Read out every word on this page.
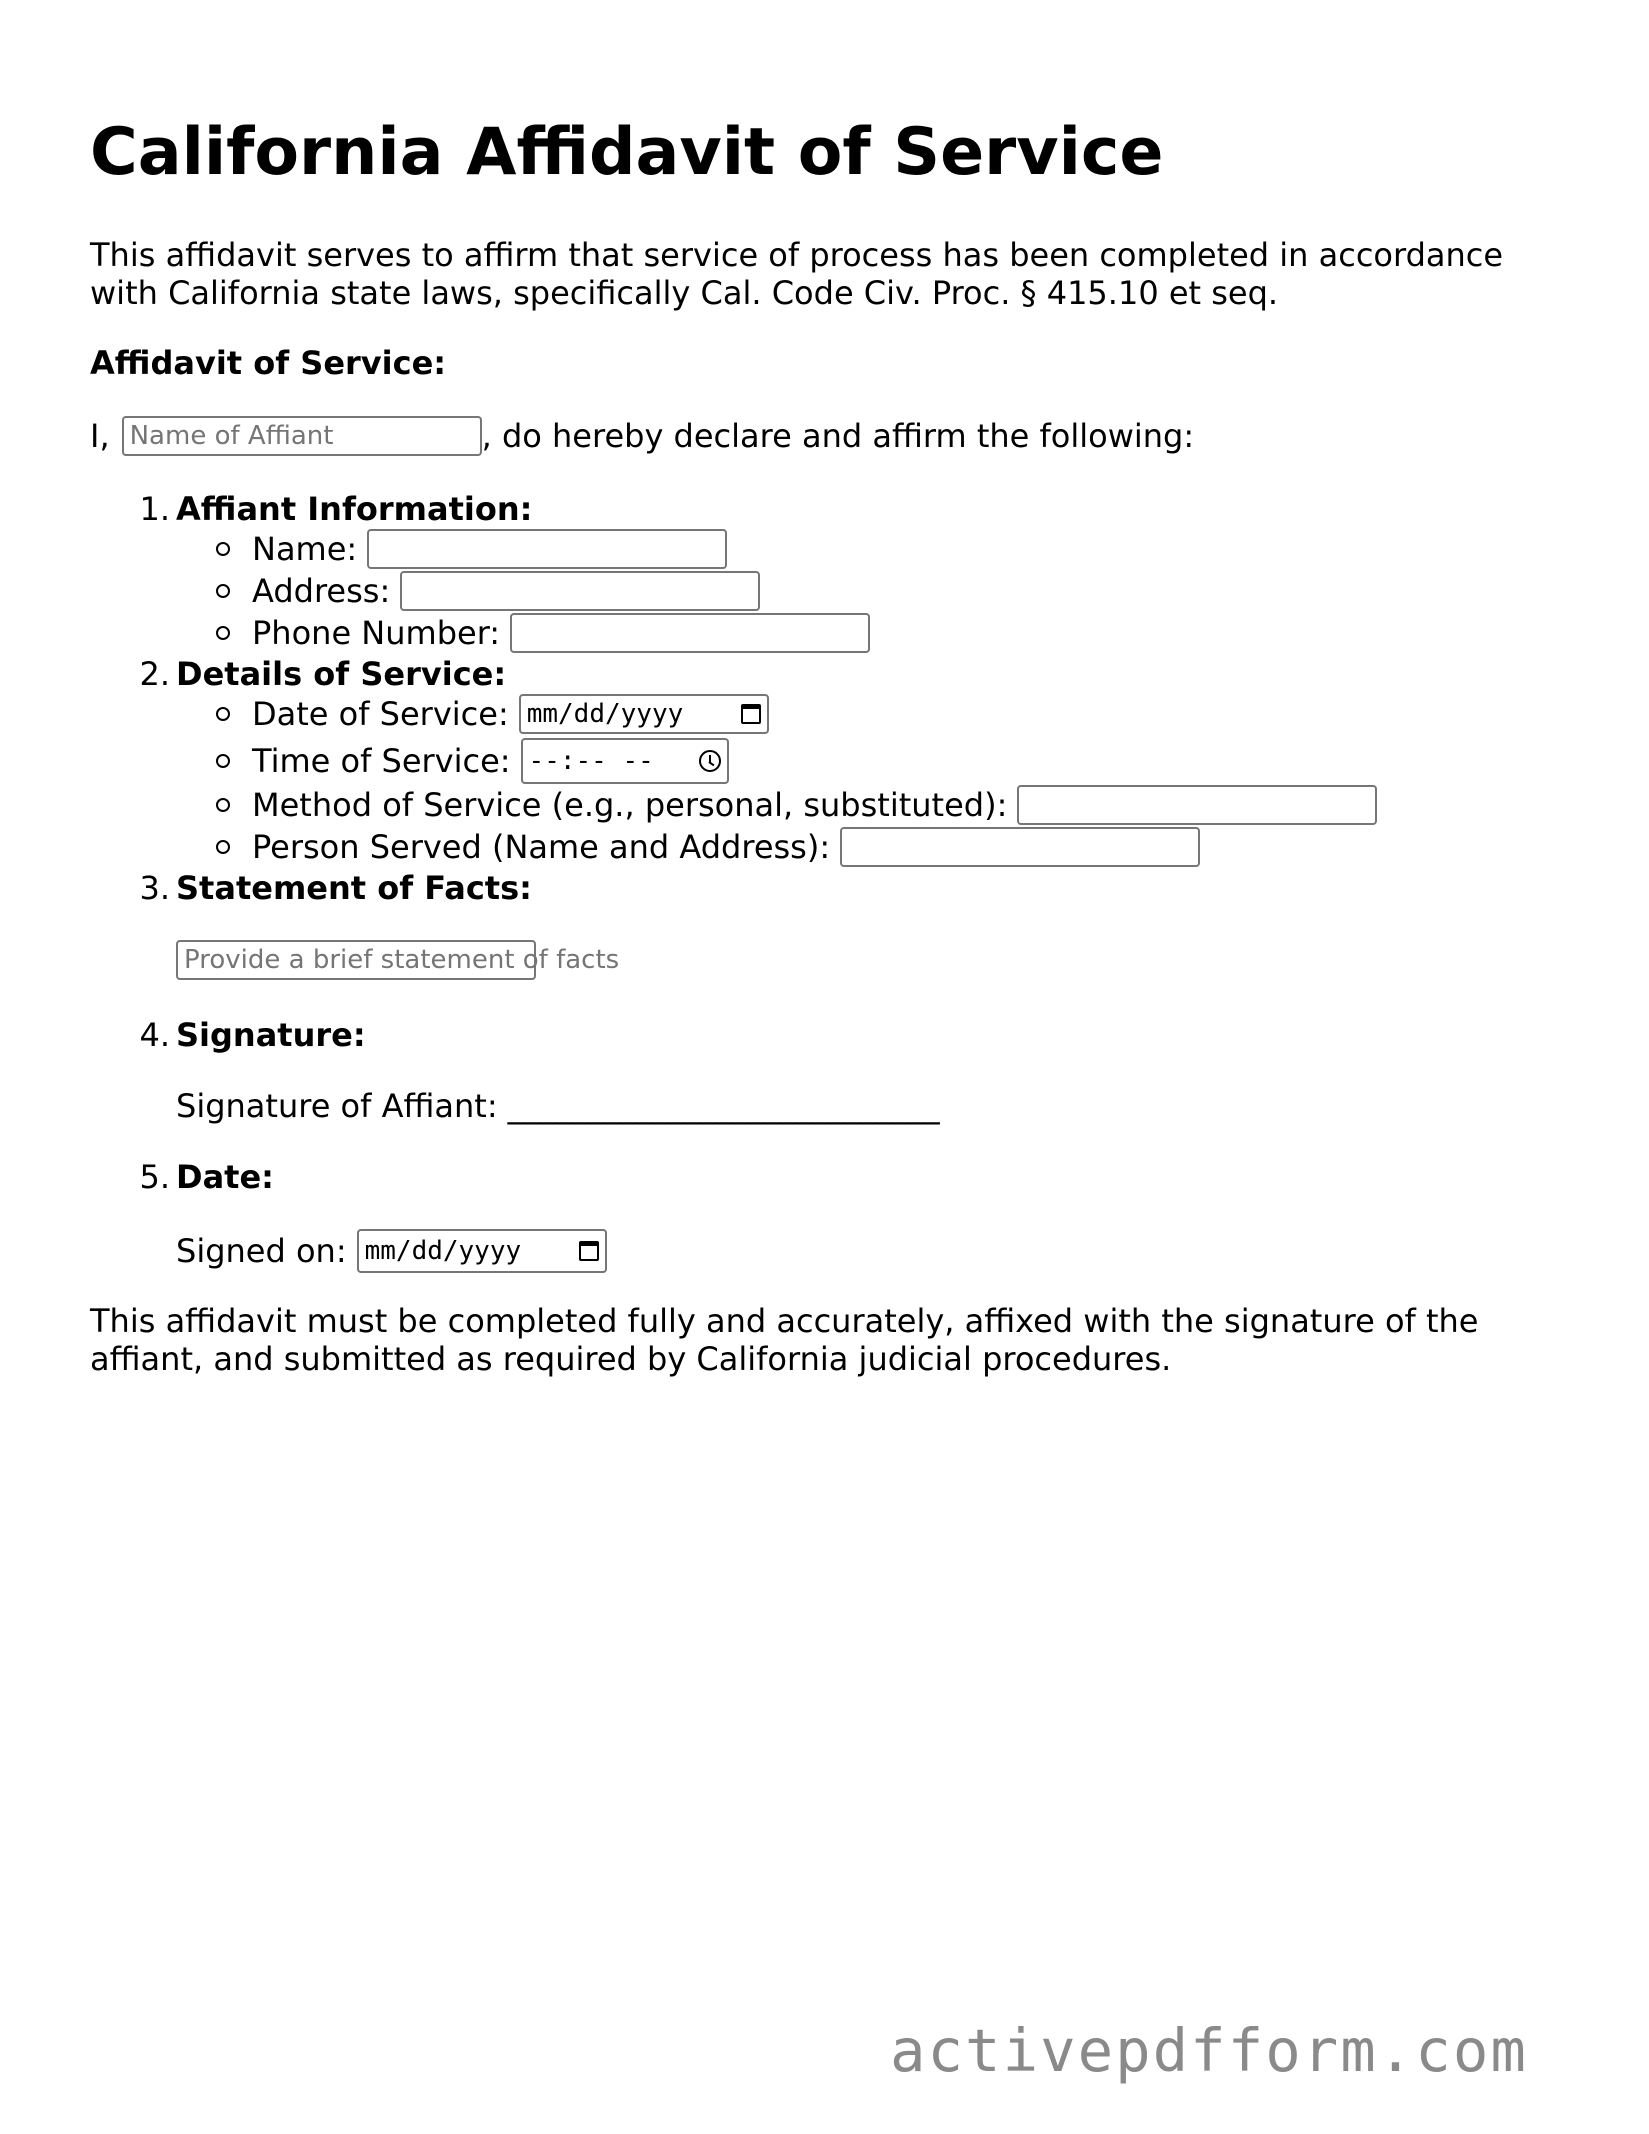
California Affidavit of Service

This affidavit serves to affirm that service of process has been completed in accordance with California state laws, specifically Cal. Code Civ. Proc. § 415.10 et seq.

Affidavit of Service:

I, Name of Affiant	, do hereby declare and affirm the following:
1. Affiant Information:
Name:
Address:
Phone Number:
2. Details of Service:
Date of Service: mm/dd/yyyy
Time of Service: --:-- --
Method of Service (e.g., personal, substituted):
Person Served (Name and Address):
3. Statement of Facts:
Provide a brief statement of facts
4. Signature:
Signature of Affiant: ___________________________
5. Date:
Signed on: mm/dd/yyyy

This affidavit must be completed fully and accurately, affixed with the signature of the affiant, and submitted as required by California judicial procedures.

activepdfform.com
